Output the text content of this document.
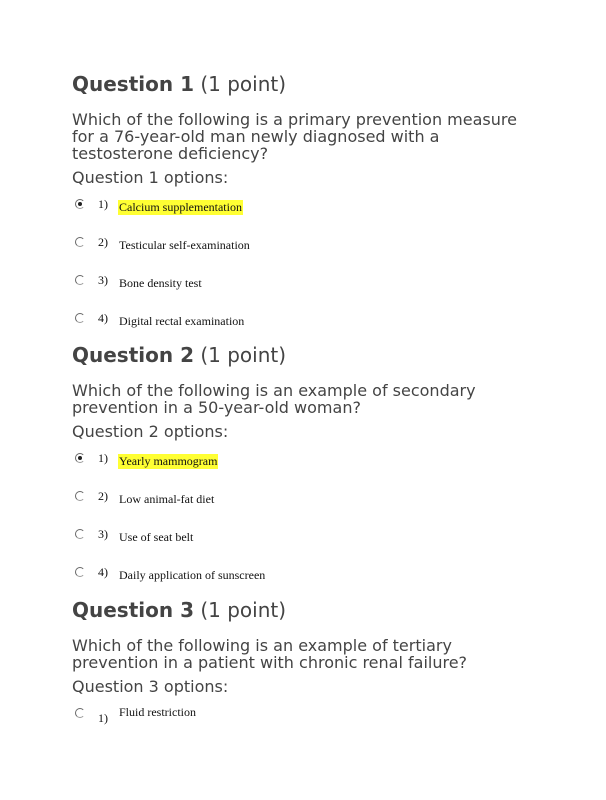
Question 1 (1 point)

Which of the following is a primary prevention measure for a 76-year-old man newly diagnosed with a testosterone deficiency?

Question 1 options:

1) Calcium supplementation
2) Testicular self-examination
3) Bone density test
4) Digital rectal examination
Question 2 (1 point)

Which of the following is an example of secondary prevention in a 50-year-old woman?

Question 2 options:

1) Yearly mammogram
2) Low animal-fat diet
3) Use of seat belt
4) Daily application of sunscreen
Question 3 (1 point)

Which of the following is an example of tertiary prevention in a patient with chronic renal failure?

Question 3 options:

1) Fluid restriction
